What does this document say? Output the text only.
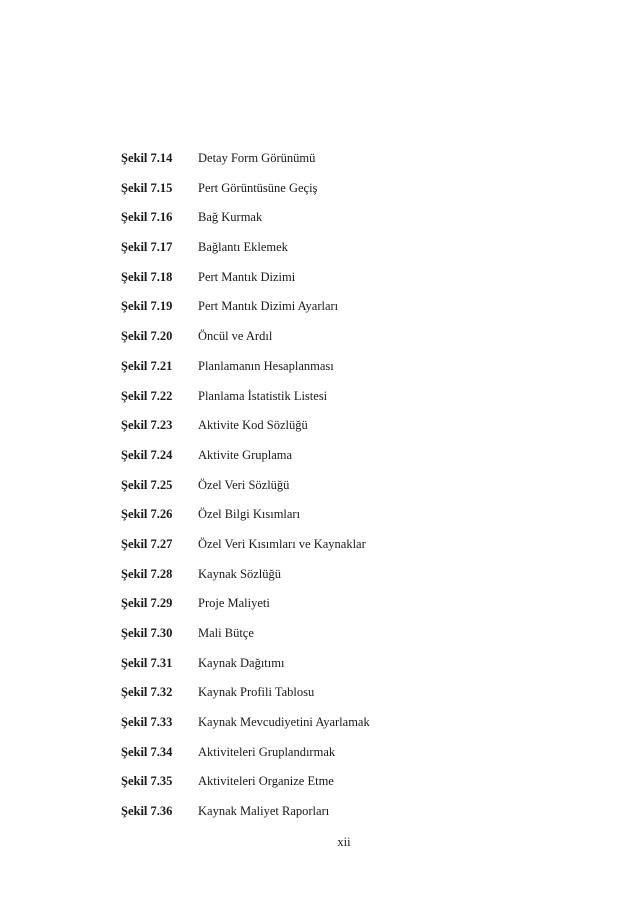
Şekil 7.14	Detay Form Görünümü
Şekil 7.15	Pert Görüntüsüne Geçiş
Şekil 7.16	Bağ Kurmak
Şekil 7.17	Bağlantı Eklemek
Şekil 7.18	Pert Mantık Dizimi
Şekil 7.19	Pert Mantık Dizimi Ayarları
Şekil 7.20	Öncül ve Ardıl
Şekil 7.21	Planlamanın Hesaplanması
Şekil 7.22	Planlama İstatistik Listesi
Şekil 7.23	Aktivite Kod Sözlüğü
Şekil 7.24	Aktivite Gruplama
Şekil 7.25	Özel Veri Sözlüğü
Şekil 7.26	Özel Bilgi Kısımları
Şekil 7.27	Özel Veri Kısımları ve Kaynaklar
Şekil 7.28	Kaynak Sözlüğü
Şekil 7.29	Proje Maliyeti
Şekil 7.30	Mali Bütçe
Şekil 7.31	Kaynak Dağıtımı
Şekil 7.32	Kaynak Profili Tablosu
Şekil 7.33	Kaynak Mevcudiyetini Ayarlamak
Şekil 7.34	Aktiviteleri Gruplandırmak
Şekil 7.35	Aktiviteleri Organize Etme
Şekil 7.36	Kaynak Maliyet Raporları
xii
